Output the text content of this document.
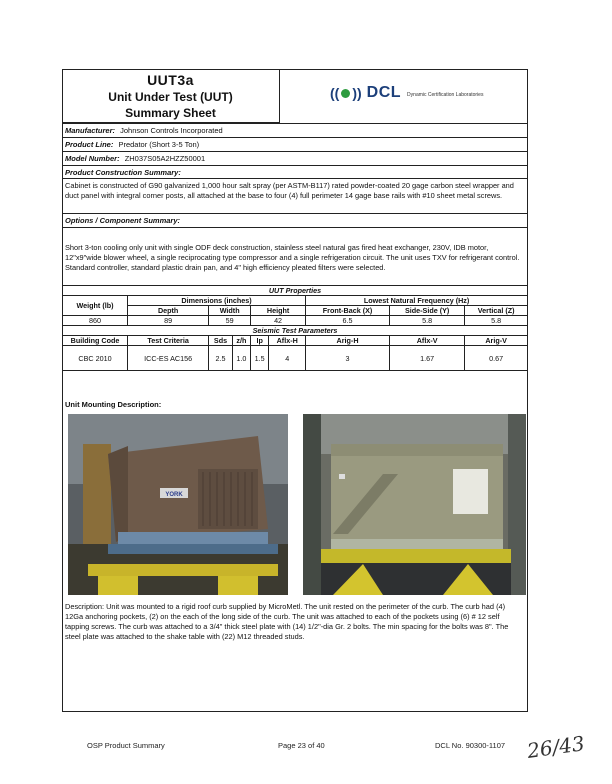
UUT3a
Unit Under Test (UUT)
Summary Sheet
(( )) DCL Dynamic Certification Laboratories
Manufacturer: Johnson Controls Incorporated
Product Line: Predator (Short 3-5 Ton)
Model Number: ZH037S05A2HZZ50001
Product Construction Summary:
Cabinet is constructed of G90 galvanized 1,000 hour salt spray (per ASTM-B117) rated powder-coated 20 gage carbon steel wrapper and duct panel with integral corner posts, all attached at the base to four (4) full perimeter 14 gage base rails with #10 sheet metal screws.
Options / Component Summary:
Short 3-ton cooling only unit with single ODF deck construction, stainless steel natural gas fired heat exchanger, 230V, IDB motor, 12"x9"wide blower wheel, a single reciprocating type compressor and a single refrigeration circuit. The unit uses TXV for refrigerant control. Standard controller, standard plastic drain pan, and 4" high efficiency pleated filters were selected.
UUT Properties								
Weight (lb)	Dimensions (inches)					Lowest Natural Frequency (Hz)		
	Depth	Width		Height		Front-Back (X)	Side-Side (Y)	Vertical (Z)
860	89	59		42		6.5	5.8	5.8
Seismic Test Parameters								
Building Code	Test Criteria	Sds	z/h	Ip	Aflx-H	Arig-H	Aflx-V	Arig-V
CBC 2010	ICC-ES AC156	2.5	1.0	1.5	4	3	1.67	0.67
Unit Mounting Description:
YORK
Description: Unit was mounted to a rigid roof curb supplied by MicroMetl. The unit rested on the perimeter of the curb. The curb had (4) 12Ga anchoring pockets, (2) on the each of the long side of the curb. The unit was attached to each of the pockets using (6) # 12 self tapping screws. The curb was attached to a 3/4" thick steel plate with (14) 1/2"-dia Gr. 2 bolts. The min spacing for the bolts was 8". The steel plate was attached to the shake table with (22) M12 threaded studs.
OSP Product Summary	Page 23 of 40	DCL No. 90300-1107 26/43
